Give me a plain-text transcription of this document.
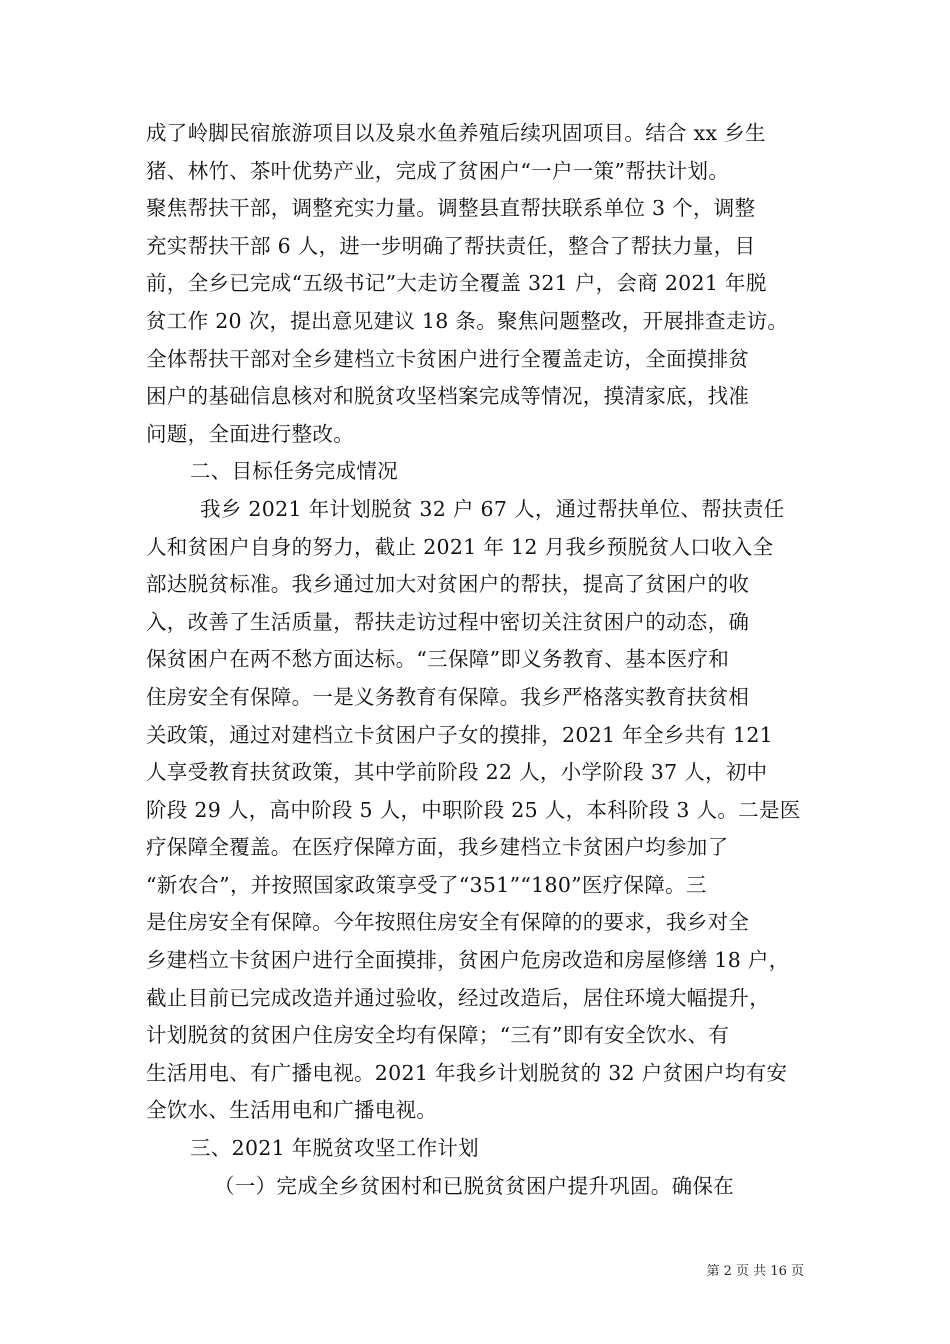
成了岭脚民宿旅游项目以及泉水鱼养殖后续巩固项目。结合 xx 乡生
猪、林竹、茶叶优势产业，完成了贫困户“一户一策”帮扶计划。
聚焦帮扶干部，调整充实力量。调整县直帮扶联系单位 3 个，调整
充实帮扶干部 6 人，进一步明确了帮扶责任，整合了帮扶力量，目
前，全乡已完成“五级书记”大走访全覆盖 321 户，会商 2021 年脱
贫工作 20 次，提出意见建议 18 条。聚焦问题整改，开展排查走访。
全体帮扶干部对全乡建档立卡贫困户进行全覆盖走访，全面摸排贫
困户的基础信息核对和脱贫攻坚档案完成等情况，摸清家底，找准
问题，全面进行整改。
二、目标任务完成情况
我乡 2021 年计划脱贫 32 户 67 人，通过帮扶单位、帮扶责任
人和贫困户自身的努力，截止 2021 年 12 月我乡预脱贫人口收入全
部达脱贫标准。我乡通过加大对贫困户的帮扶，提高了贫困户的收
入，改善了生活质量，帮扶走访过程中密切关注贫困户的动态，确
保贫困户在两不愁方面达标。“三保障”即义务教育、基本医疗和
住房安全有保障。一是义务教育有保障。我乡严格落实教育扶贫相
关政策，通过对建档立卡贫困户子女的摸排，2021 年全乡共有 121
人享受教育扶贫政策，其中学前阶段 22 人，小学阶段 37 人，初中
阶段 29 人，高中阶段 5 人，中职阶段 25 人，本科阶段 3 人。二是医
疗保障全覆盖。在医疗保障方面，我乡建档立卡贫困户均参加了
“新农合”，并按照国家政策享受了“351”“180”医疗保障。三
是住房安全有保障。今年按照住房安全有保障的的要求，我乡对全
乡建档立卡贫困户进行全面摸排，贫困户危房改造和房屋修缮 18 户，
截止目前已完成改造并通过验收，经过改造后，居住环境大幅提升，
计划脱贫的贫困户住房安全均有保障；“三有”即有安全饮水、有
生活用电、有广播电视。2021 年我乡计划脱贫的 32 户贫困户均有安
全饮水、生活用电和广播电视。
三、2021 年脱贫攻坚工作计划
（一）完成全乡贫困村和已脱贫贫困户提升巩固。确保在
第 2 页 共 16 页
